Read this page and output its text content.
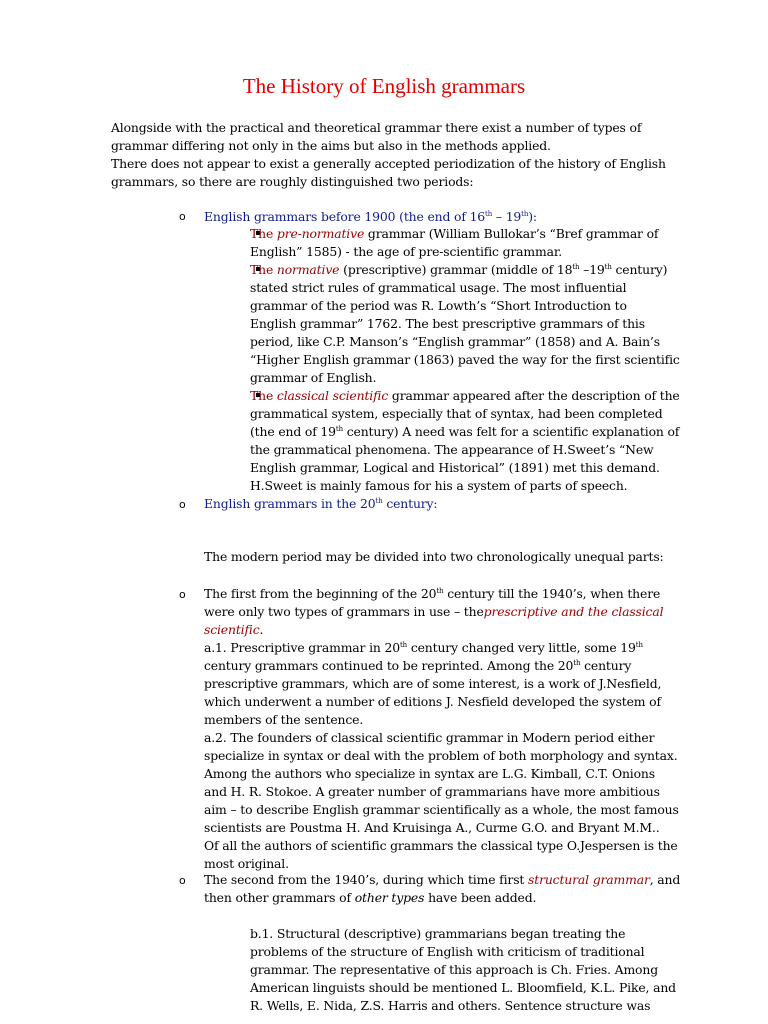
The History of English grammars
Alongside with the practical and theoretical grammar there exist a number of types of
grammar differing not only in the aims but also in the methods applied.
There does not appear to exist a generally accepted periodization of the history of English
grammars, so there are roughly distinguished two periods:
o English grammars before 1900 (the end of 16th – 19th):
The pre-normative grammar (William Bullokar’s “Bref grammar of
English” 1585) - the age of pre-scientific grammar.
The normative (prescriptive) grammar (middle of 18th –19th century)
stated strict rules of grammatical usage. The most influential
grammar of the period was R. Lowth’s “Short Introduction to
English grammar” 1762. The best prescriptive grammars of this
period, like C.P. Manson’s “English grammar” (1858) and A. Bain’s
“Higher English grammar (1863) paved the way for the first scientific
grammar of English.
The classical scientific grammar appeared after the description of the
grammatical system, especially that of syntax, had been completed
(the end of 19th century) A need was felt for a scientific explanation of
the grammatical phenomena. The appearance of H.Sweet’s “New
English grammar, Logical and Historical” (1891) met this demand.
H.Sweet is mainly famous for his a system of parts of speech.
o English grammars in the 20th century:
The modern period may be divided into two chronologically unequal parts:
o The first from the beginning of the 20th century till the 1940’s, when there
were only two types of grammars in use – theprescriptive and the classical
scientific.
a.1. Prescriptive grammar in 20th century changed very little, some 19th
century grammars continued to be reprinted. Among the 20th century
prescriptive grammars, which are of some interest, is a work of J.Nesfield,
which underwent a number of editions J. Nesfield developed the system of
members of the sentence.
a.2. The founders of classical scientific grammar in Modern period either
specialize in syntax or deal with the problem of both morphology and syntax.
Among the authors who specialize in syntax are L.G. Kimball, C.T. Onions
and H. R. Stokoe. A greater number of grammarians have more ambitious
aim – to describe English grammar scientifically as a whole, the most famous
scientists are Poustma H. And Kruisinga A., Curme G.O. and Bryant M.M..
Of all the authors of scientific grammars the classical type O.Jespersen is the
most original.
o The second from the 1940’s, during which time first structural grammar, and
then other grammars of other types have been added.
b.1. Structural (descriptive) grammarians began treating the
problems of the structure of English with criticism of traditional
grammar. The representative of this approach is Ch. Fries. Among
American linguists should be mentioned L. Bloomfield, K.L. Pike, and
R. Wells, E. Nida, Z.S. Harris and others. Sentence structure was
